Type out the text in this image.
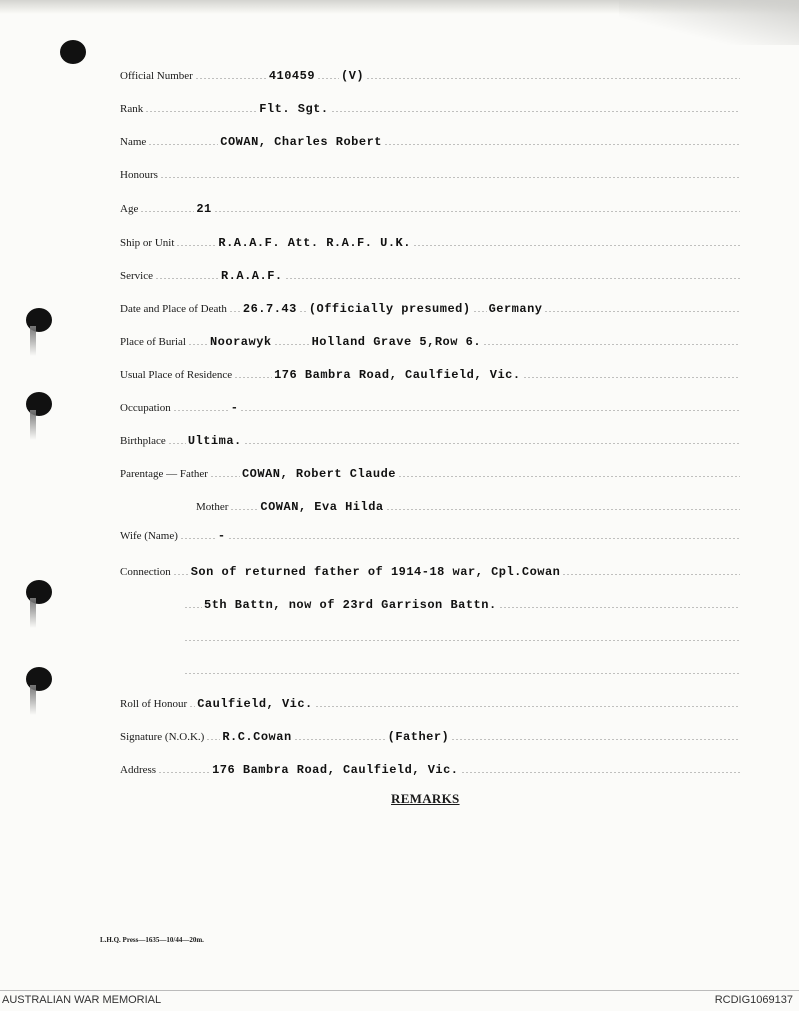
Official Number	410459 (V)
Rank	Flt. Sgt.
Name	COWAN, Charles Robert
Honours
Age	21
Ship or Unit	R.A.A.F. Att. R.A.F. U.K.
Service	R.A.A.F.
Date and Place of Death 26.7.43 (Officially presumed) Germany
Place of Burial Noorawyk	Holland Grave 5,Row 6.
Usual Place of Residence	176 Bambra Road, Caulfield, Vic.
Occupation	-
Birthplace Ultima.
Parentage — Father	COWAN, Robert Claude
Mother	COWAN, Eva Hilda
Wife (Name)	-
Connection Son of returned father of 1914-18 war, Cpl.Cowan
5th Battn, now of 23rd Garrison Battn.
Roll of Honour Caulfield, Vic.
Signature (N.O.K.) R.C.Cowan	(Father)
Address	176 Bambra Road, Caulfield, Vic.
REMARKS
L.H.Q. Press—1635—10/44—20m.
AUSTRALIAN WAR MEMORIAL	RCDIG1069137
